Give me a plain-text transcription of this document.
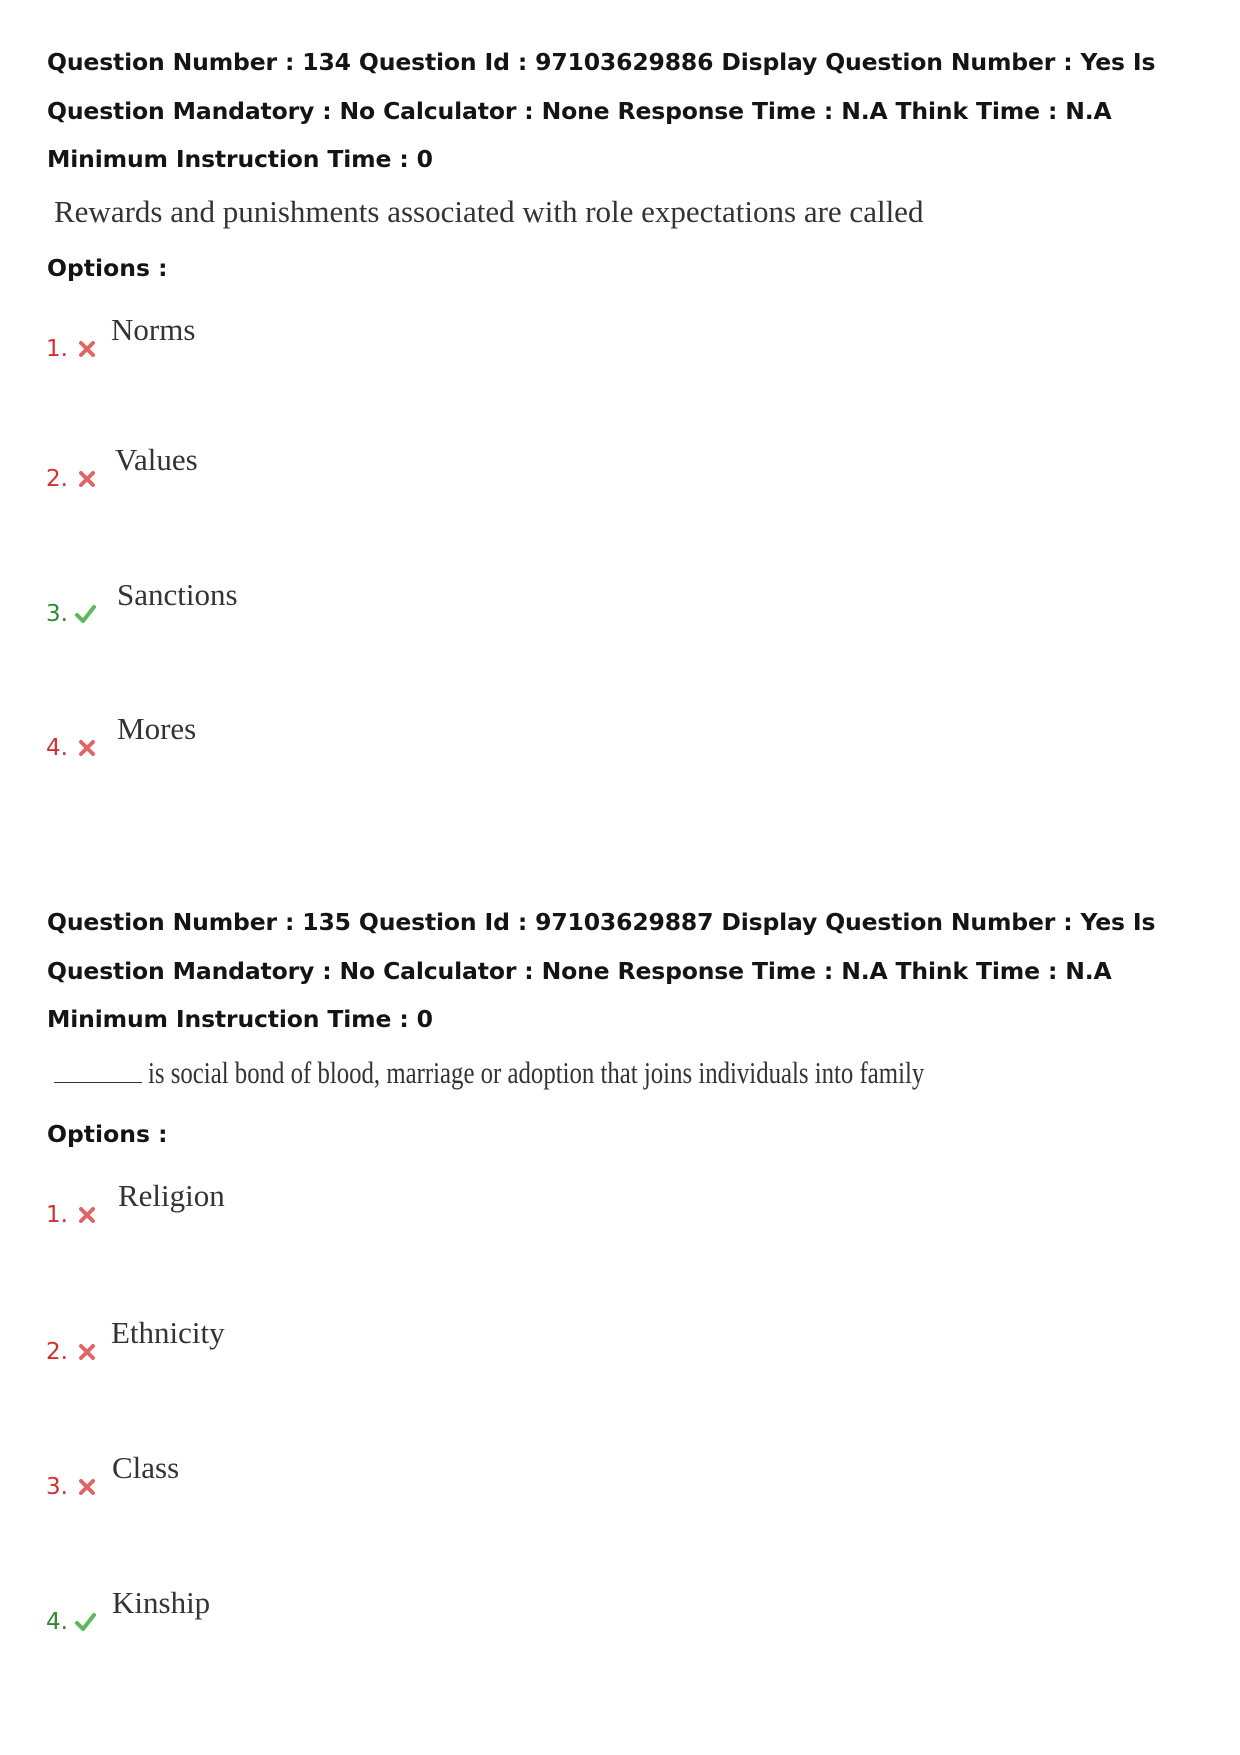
Question Number : 134 Question Id : 97103629886 Display Question Number : Yes Is Question Mandatory : No Calculator : None Response Time : N.A Think Time : N.A Minimum Instruction Time : 0
Rewards and punishments associated with role expectations are called
Options :
1.
Norms
2.
Values
3.
Sanctions
4.
Mores
Question Number : 135 Question Id : 97103629887 Display Question Number : Yes Is Question Mandatory : No Calculator : None Response Time : N.A Think Time : N.A Minimum Instruction Time : 0
is social bond of blood, marriage or adoption that joins individuals into family
Options :
1.
Religion
2.
Ethnicity
3.
Class
4.
Kinship
